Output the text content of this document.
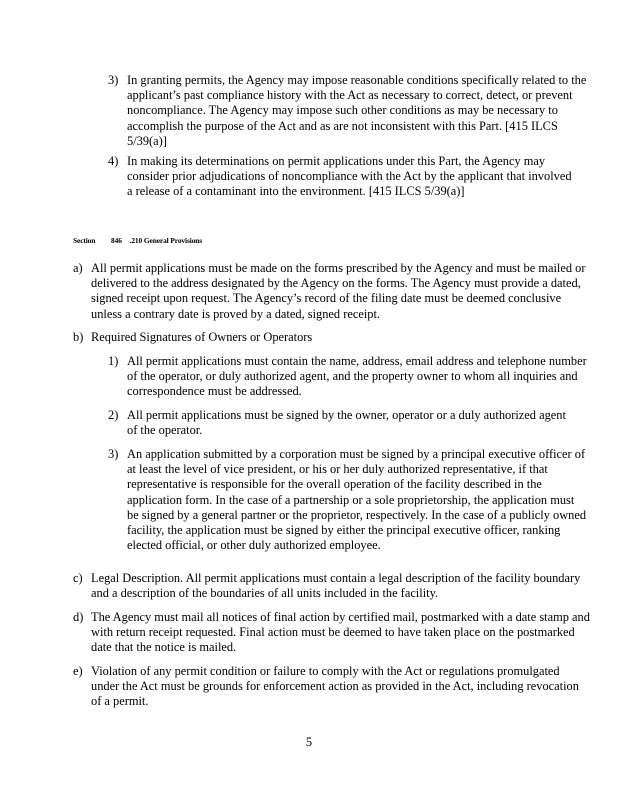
3) In granting permits, the Agency may impose reasonable conditions specifically related to the applicant’s past compliance history with the Act as necessary to correct, detect, or prevent noncompliance. The Agency may impose such other conditions as may be necessary to accomplish the purpose of the Act and as are not inconsistent with this Part. [415 ILCS 5/39(a)]
4) In making its determinations on permit applications under this Part, the Agency may consider prior adjudications of noncompliance with the Act by the applicant that involved a release of a contaminant into the environment. [415 ILCS 5/39(a)]
Section 846 .210 General Provisions
a) All permit applications must be made on the forms prescribed by the Agency and must be mailed or delivered to the address designated by the Agency on the forms. The Agency must provide a dated, signed receipt upon request. The Agency’s record of the filing date must be deemed conclusive unless a contrary date is proved by a dated, signed receipt.
b) Required Signatures of Owners or Operators
1) All permit applications must contain the name, address, email address and telephone number of the operator, or duly authorized agent, and the property owner to whom all inquiries and correspondence must be addressed.
2) All permit applications must be signed by the owner, operator or a duly authorized agent of the operator.
3) An application submitted by a corporation must be signed by a principal executive officer of at least the level of vice president, or his or her duly authorized representative, if that representative is responsible for the overall operation of the facility described in the application form. In the case of a partnership or a sole proprietorship, the application must be signed by a general partner or the proprietor, respectively. In the case of a publicly owned facility, the application must be signed by either the principal executive officer, ranking elected official, or other duly authorized employee.
c) Legal Description. All permit applications must contain a legal description of the facility boundary and a description of the boundaries of all units included in the facility.
d) The Agency must mail all notices of final action by certified mail, postmarked with a date stamp and with return receipt requested. Final action must be deemed to have taken place on the postmarked date that the notice is mailed.
e) Violation of any permit condition or failure to comply with the Act or regulations promulgated under the Act must be grounds for enforcement action as provided in the Act, including revocation of a permit.
5
